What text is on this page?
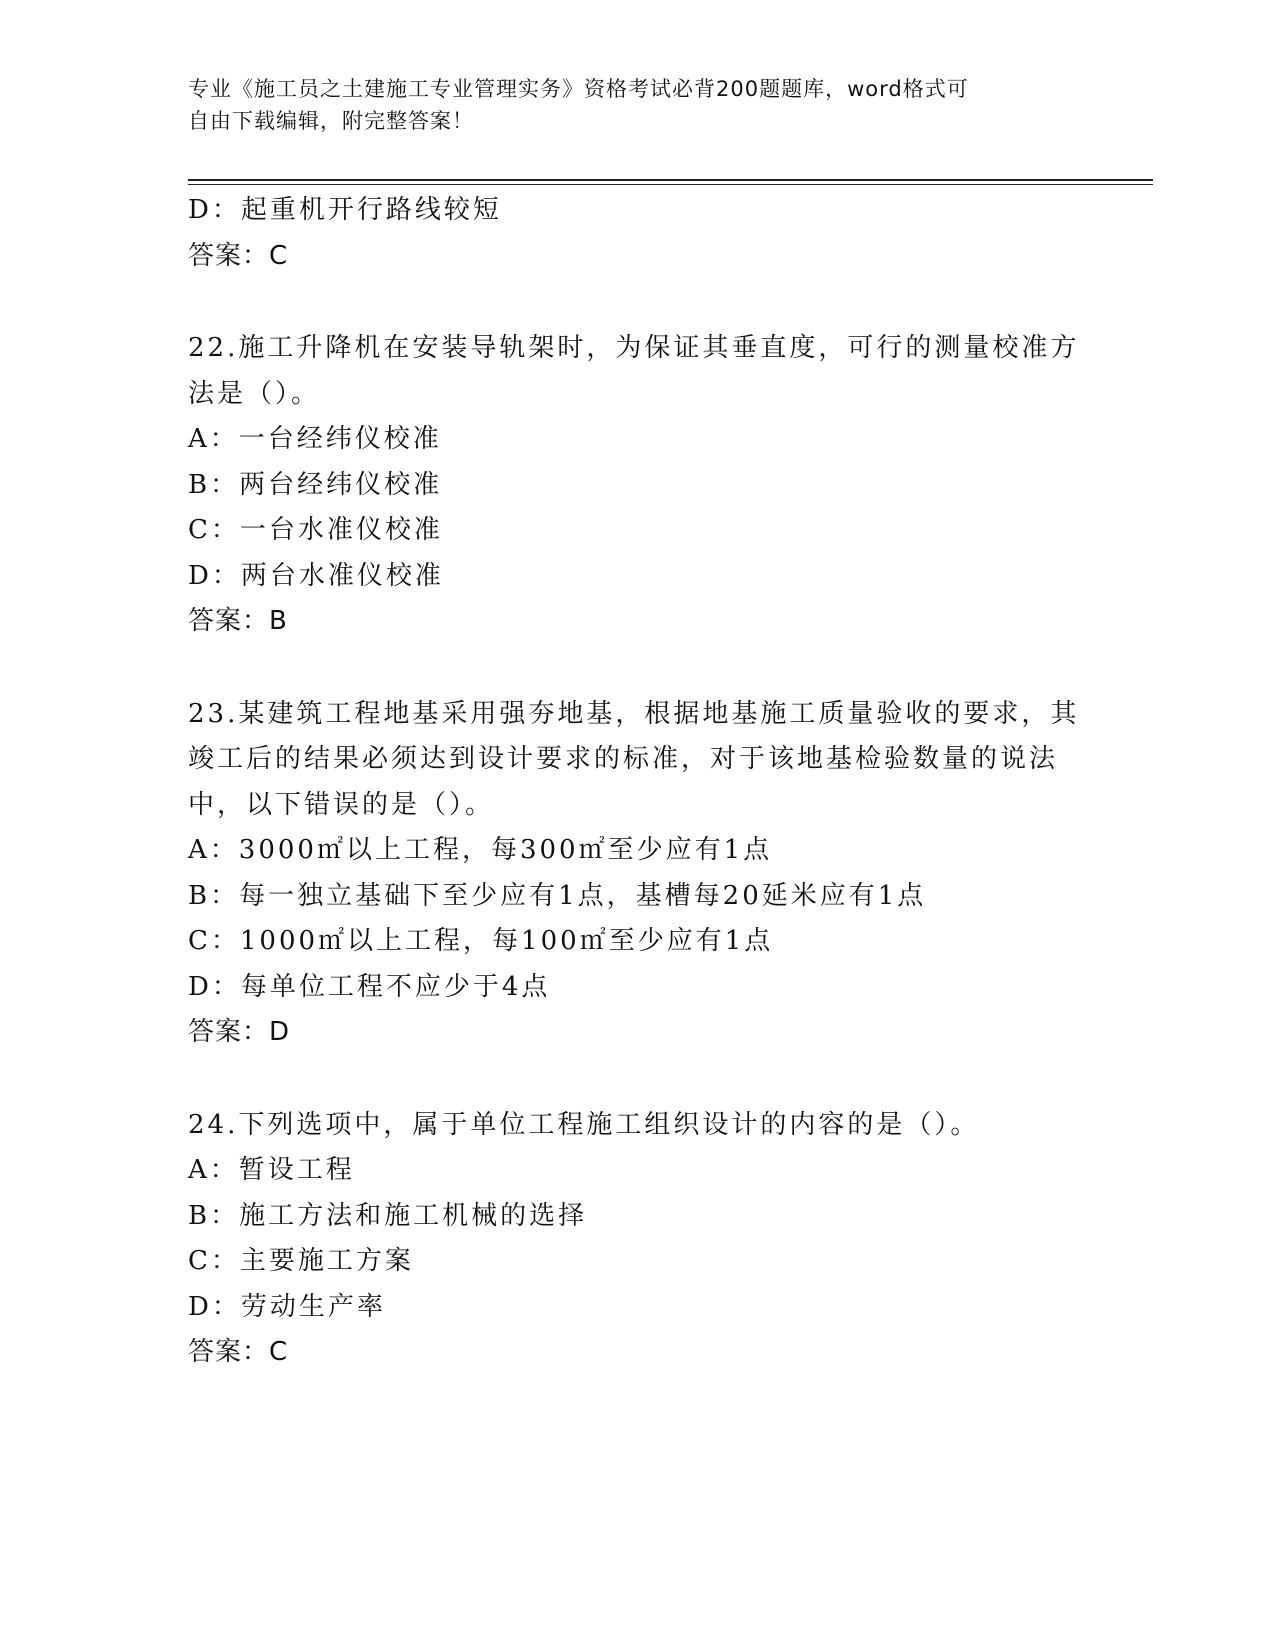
专业《施工员之土建施工专业管理实务》资格考试必背200题题库，word格式可
自由下载编辑，附完整答案！
D：起重机开行路线较短
答案：C
22.施工升降机在安装导轨架时，为保证其垂直度，可行的测量校准方
法是（）。
A：一台经纬仪校准
B：两台经纬仪校准
C：一台水准仪校准
D：两台水准仪校准
答案：B
23.某建筑工程地基采用强夯地基，根据地基施工质量验收的要求，其
竣工后的结果必须达到设计要求的标准，对于该地基检验数量的说法
中，以下错误的是（）。
A：3000㎡以上工程，每300㎡至少应有1点
B：每一独立基础下至少应有1点，基槽每20延米应有1点
C：1000㎡以上工程，每100㎡至少应有1点
D：每单位工程不应少于4点
答案：D
24.下列选项中，属于单位工程施工组织设计的内容的是（）。
A：暂设工程
B：施工方法和施工机械的选择
C：主要施工方案
D：劳动生产率
答案：C
